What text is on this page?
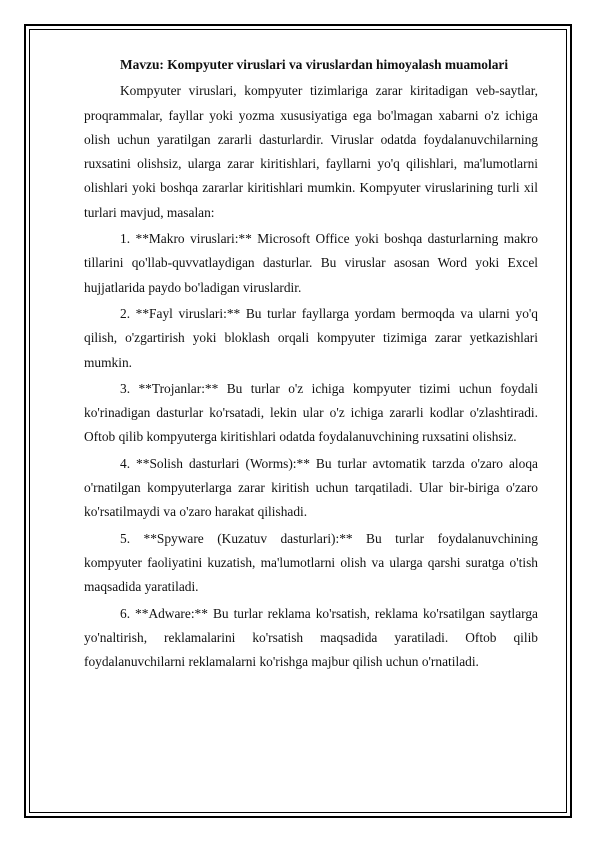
Mavzu: Kompyuter viruslari va viruslardan himoyalash muamolari

Kompyuter viruslari, kompyuter tizimlariga zarar kiritadigan veb-saytlar, proqrammalar, fayllar yoki yozma xususiyatiga ega bo'lmagan xabarni o'z ichiga olish uchun yaratilgan zararli dasturlardir. Viruslar odatda foydalanuvchilarning ruxsatini olishsiz, ularga zarar kiritishlari, fayllarni yo'q qilishlari, ma'lumotlarni olishlari yoki boshqa zararlar kiritishlari mumkin. Kompyuter viruslarining turli xil turlari mavjud, masalan:

1. **Makro viruslari:** Microsoft Office yoki boshqa dasturlarning makro tillarini qo'llab-quvvatlaydigan dasturlar. Bu viruslar asosan Word yoki Excel hujjatlarida paydo bo'ladigan viruslardir.

2. **Fayl viruslari:** Bu turlar fayllarga yordam bermoqda va ularni yo'q qilish, o'zgartirish yoki bloklash orqali kompyuter tizimiga zarar yetkazishlari mumkin.

3. **Trojanlar:** Bu turlar o'z ichiga kompyuter tizimi uchun foydali ko'rinadigan dasturlar ko'rsatadi, lekin ular o'z ichiga zararli kodlar o'zlashtiradi. Oftob qilib kompyuterga kiritishlari odatda foydalanuvchining ruxsatini olishsiz.

4. **Solish dasturlari (Worms):** Bu turlar avtomatik tarzda o'zaro aloqa o'rnatilgan kompyuterlarga zarar kiritish uchun tarqatiladi. Ular bir-biriga o'zaro ko'rsatilmaydi va o'zaro harakat qilishadi.

5. **Spyware (Kuzatuv dasturlari):** Bu turlar foydalanuvchining kompyuter faoliyatini kuzatish, ma'lumotlarni olish va ularga qarshi suratga o'tish maqsadida yaratiladi.

6. **Adware:** Bu turlar reklama ko'rsatish, reklama ko'rsatilgan saytlarga yo'naltirish, reklamalarini ko'rsatish maqsadida yaratiladi. Oftob qilib foydalanuvchilarni reklamalarni ko'rishga majbur qilish uchun o'rnatiladi.
